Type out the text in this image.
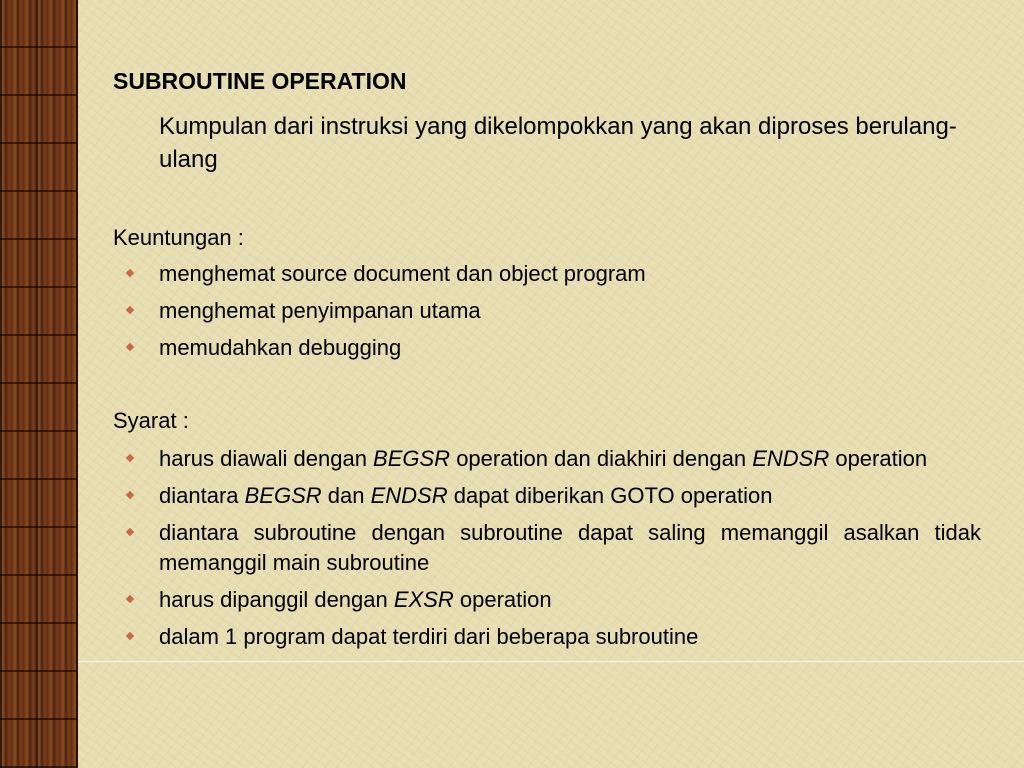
SUBROUTINE OPERATION

Kumpulan dari instruksi yang dikelompokkan yang akan diproses berulang-ulang

Keuntungan :

menghemat source document dan object program
menghemat penyimpanan utama
memudahkan debugging

Syarat :

harus diawali dengan BEGSR operation dan diakhiri dengan ENDSR operation
diantara BEGSR dan ENDSR dapat diberikan GOTO operation
diantara subroutine dengan subroutine dapat saling memanggil asalkan tidak memanggil main subroutine
harus dipanggil dengan EXSR operation
dalam 1 program dapat terdiri dari beberapa subroutine
